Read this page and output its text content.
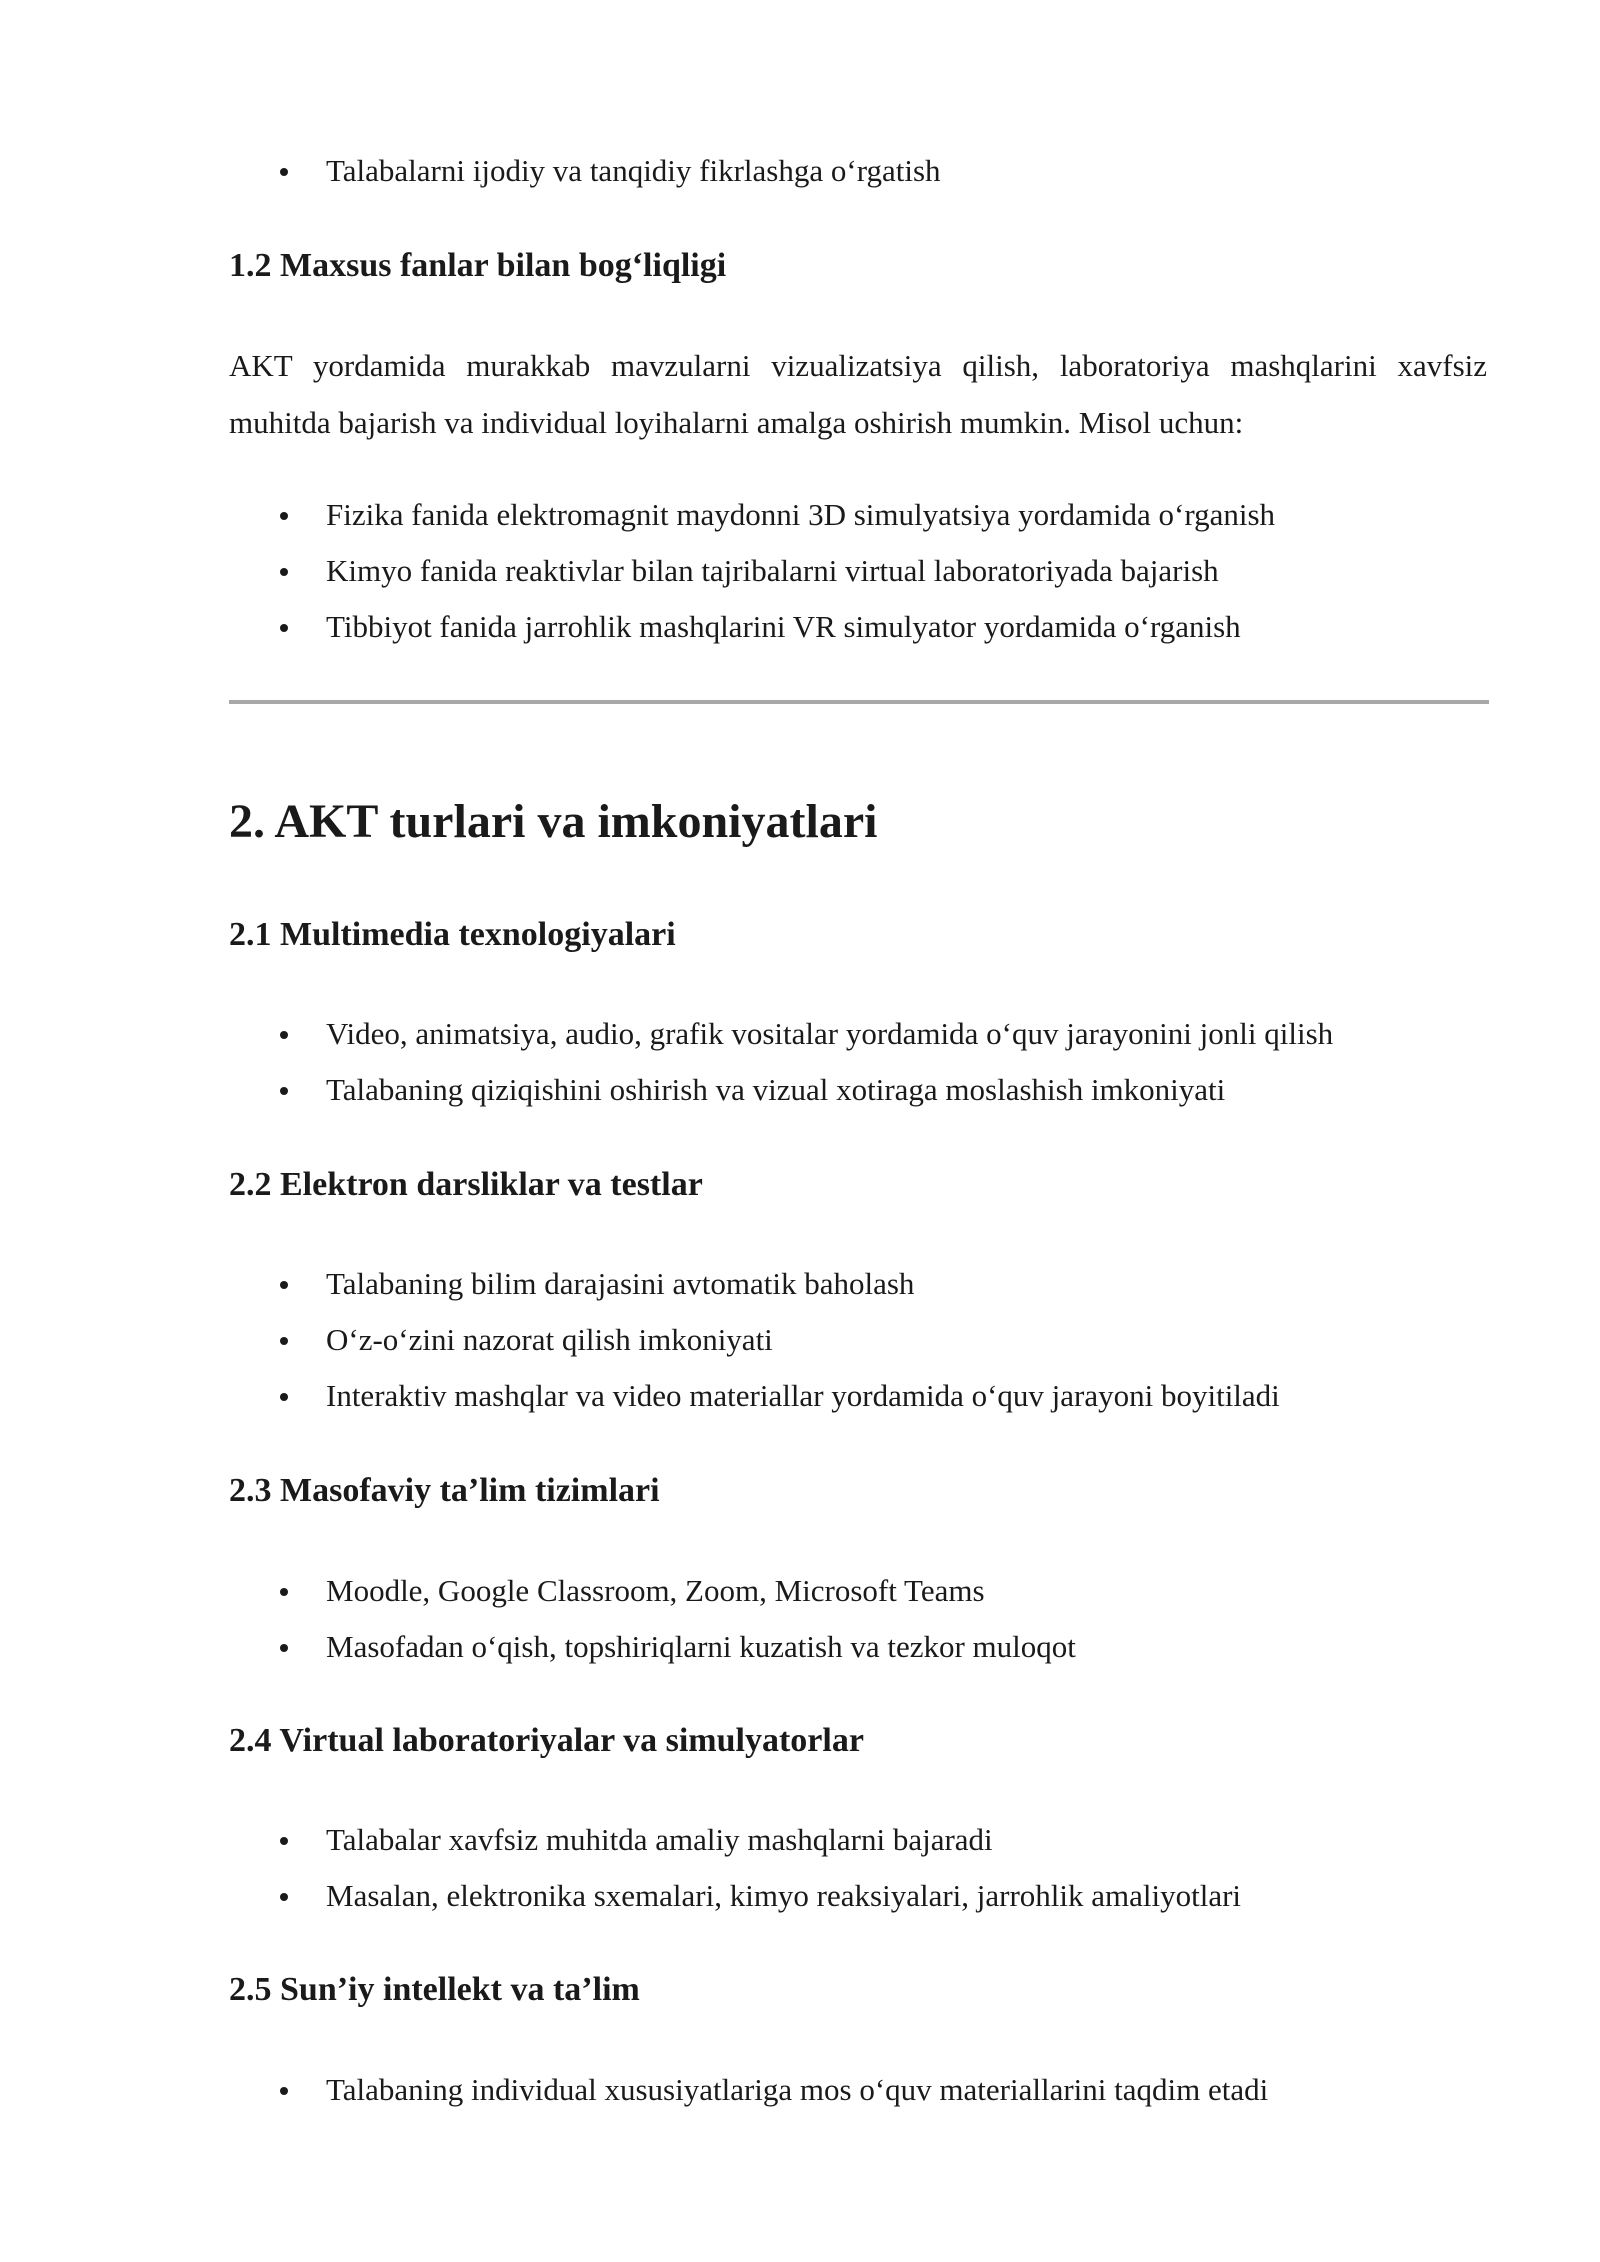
Talabalarni ijodiy va tanqidiy fikrlashga o‘rgatish
1.2 Maxsus fanlar bilan bog‘liqligi

AKT yordamida murakkab mavzularni vizualizatsiya qilish, laboratoriya mashqlarini xavfsiz muhitda bajarish va individual loyihalarni amalga oshirish mumkin. Misol uchun:

Fizika fanida elektromagnit maydonni 3D simulyatsiya yordamida o‘rganish
Kimyo fanida reaktivlar bilan tajribalarni virtual laboratoriyada bajarish
Tibbiyot fanida jarrohlik mashqlarini VR simulyator yordamida o‘rganish
2. AKT turlari va imkoniyatlari
2.1 Multimedia texnologiyalari
Video, animatsiya, audio, grafik vositalar yordamida o‘quv jarayonini jonli qilish
Talabaning qiziqishini oshirish va vizual xotiraga moslashish imkoniyati
2.2 Elektron darsliklar va testlar
Talabaning bilim darajasini avtomatik baholash
O‘z-o‘zini nazorat qilish imkoniyati
Interaktiv mashqlar va video materiallar yordamida o‘quv jarayoni boyitiladi
2.3 Masofaviy ta’lim tizimlari
Moodle, Google Classroom, Zoom, Microsoft Teams
Masofadan o‘qish, topshiriqlarni kuzatish va tezkor muloqot
2.4 Virtual laboratoriyalar va simulyatorlar
Talabalar xavfsiz muhitda amaliy mashqlarni bajaradi
Masalan, elektronika sxemalari, kimyo reaksiyalari, jarrohlik amaliyotlari
2.5 Sun’iy intellekt va ta’lim
Talabaning individual xususiyatlariga mos o‘quv materiallarini taqdim etadi
